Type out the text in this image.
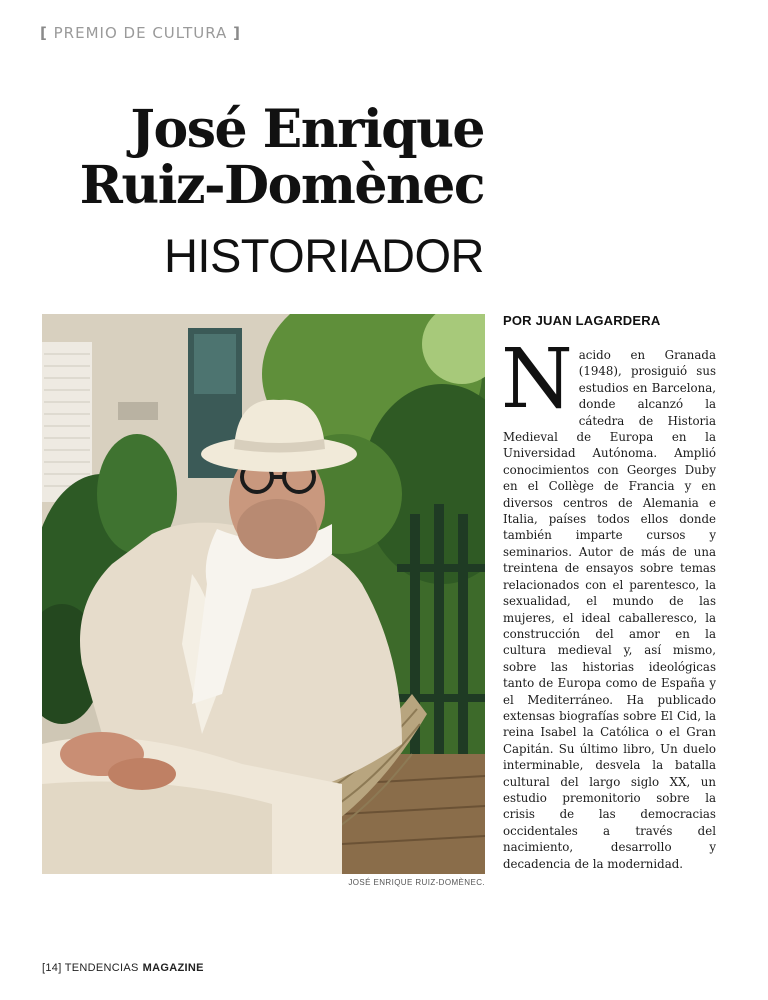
[ PREMIO DE CULTURA ]
José Enrique
Ruiz-Domènec
HISTORIADOR
JOSÉ ENRIQUE RUIZ-DOMÈNEC.
POR JUAN LAGARDERA

Nacido en Granada (1948), prosiguió sus estudios en Barcelona, donde alcanzó la cátedra de Historia Medieval de Europa en la Universidad Autónoma. Amplió conocimientos con Georges Duby en el Collège de Francia y en diversos centros de Alemania e Italia, países todos ellos donde también imparte cursos y seminarios. Autor de más de una treintena de ensayos sobre temas relacionados con el parentesco, la sexualidad, el mundo de las mujeres, el ideal caballeresco, la construcción del amor en la cultura medieval y, así mismo, sobre las historias ideológicas tanto de Europa como de España y el Mediterráneo. Ha publicado extensas biografías sobre El Cid, la reina Isabel la Católica o el Gran Capitán. Su último libro, Un duelo interminable, desvela la batalla cultural del largo siglo XX, un estudio premonitorio sobre la crisis de las democracias occidentales a través del nacimiento, desarrollo y decadencia de la modernidad.

[14] TENDENCIAS MAGAZINE
